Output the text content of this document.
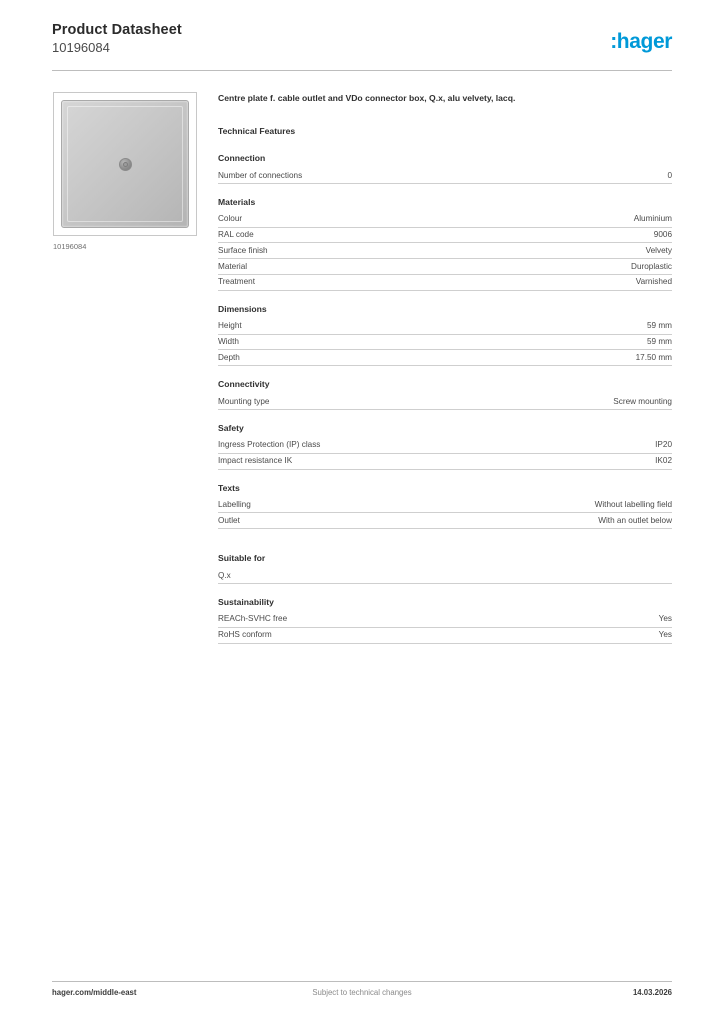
Product Datasheet
10196084	:hager
10196084
Centre plate f. cable outlet and VDo connector box, Q.x, alu velvety, lacq.
Technical Features
Connection
Number of connections	0
Materials
Colour	Aluminium
RAL code	9006
Surface finish	Velvety
Material	Duroplastic
Treatment	Varnished
Dimensions
Height	59 mm
Width	59 mm
Depth	17.50 mm
Connectivity
Mounting type	Screw mounting
Safety
Ingress Protection (IP) class	IP20
Impact resistance IK	IK02
Texts
Labelling	Without labelling field
Outlet	With an outlet below
Suitable for
Q.x
Sustainability
REACh-SVHC free	Yes
RoHS conform	Yes
hager.com/middle-east	Subject to technical changes	14.03.2026
